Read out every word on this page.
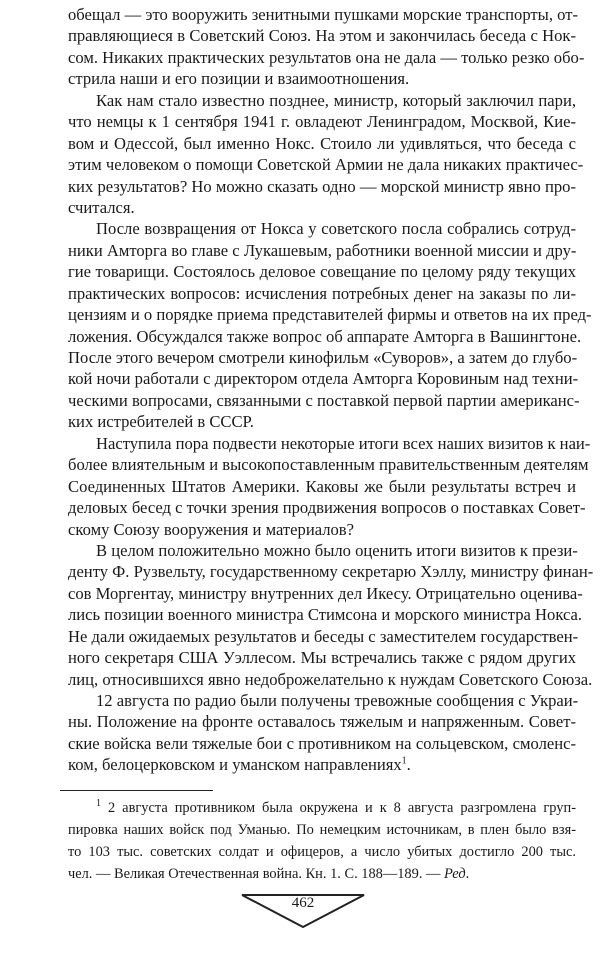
обещал — это вооружить зенитными пушками морские транспорты, от-
правляющиеся в Советский Союз. На этом и закончилась беседа с Нок-
сом. Никаких практических результатов она не дала — только резко обо-
стрила наши и его позиции и взаимоотношения.
Как нам стало известно позднее, министр, который заключил пари,
что немцы к 1 сентября 1941 г. овладеют Ленинградом, Москвой, Кие-
вом и Одессой, был именно Нокс. Стоило ли удивляться, что беседа с
этим человеком о помощи Советской Армии не дала никаких практичес-
ких результатов? Но можно сказать одно — морской министр явно про-
считался.
После возвращения от Нокса у советского посла собрались сотруд-
ники Амторга во главе с Лукашевым, работники военной миссии и дру-
гие товарищи. Состоялось деловое совещание по целому ряду текущих
практических вопросов: исчисления потребных денег на заказы по ли-
цензиям и о порядке приема представителей фирмы и ответов на их пред-
ложения. Обсуждался также вопрос об аппарате Амторга в Вашингтоне.
После этого вечером смотрели кинофильм «Суворов», а затем до глубо-
кой ночи работали с директором отдела Амторга Коровиным над техни-
ческими вопросами, связанными с поставкой первой партии американс-
ких истребителей в СССР.
Наступила пора подвести некоторые итоги всех наших визитов к наи-
более влиятельным и высокопоставленным правительственным деятелям
Соединенных Штатов Америки. Каковы же были результаты встреч и
деловых бесед с точки зрения продвижения вопросов о поставках Совет-
скому Союзу вооружения и материалов?
В целом положительно можно было оценить итоги визитов к прези-
денту Ф. Рузвельту, государственному секретарю Хэллу, министру финан-
сов Моргентау, министру внутренних дел Икесу. Отрицательно оценива-
лись позиции военного министра Стимсона и морского министра Нокса.
Не дали ожидаемых результатов и беседы с заместителем государствен-
ного секретаря США Уэллесом. Мы встречались также с рядом других
лиц, относившихся явно недоброжелательно к нуждам Советского Союза.
12 августа по радио были получены тревожные сообщения с Украи-
ны. Положение на фронте оставалось тяжелым и напряженным. Совет-
ские войска вели тяжелые бои с противником на сольцевском, смоленс-
ком, белоцерковском и уманском направлениях$^1$.
$^1$ 2 августа противником была окружена и к 8 августа разгромлена груп-
пировка наших войск под Уманью. По немецким источникам, в плен было взя-
то 103 тыс. советских солдат и офицеров, а число убитых достигло 200 тыс.
чел. — Великая Отечественная война. Кн. 1. С. 188—189. — Ред.
462
